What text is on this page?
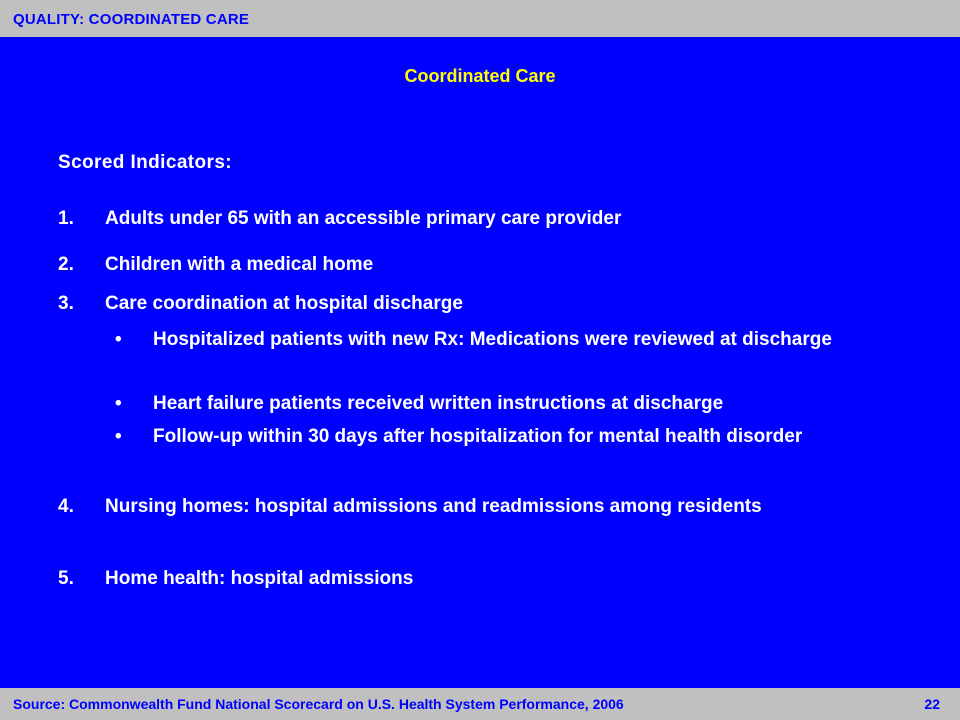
QUALITY: COORDINATED CARE
Coordinated Care
Scored Indicators:
1.	Adults under 65 with an accessible primary care provider
2.	Children with a medical home
3.	Care coordination at hospital discharge
•	Hospitalized patients with new Rx: Medications were reviewed at discharge
•	Heart failure patients received written instructions at discharge
•	Follow-up within 30 days after hospitalization for mental health disorder
4.	Nursing homes: hospital admissions and readmissions among residents
5.	Home health: hospital admissions
Source: Commonwealth Fund National Scorecard on U.S. Health System Performance, 2006	22
